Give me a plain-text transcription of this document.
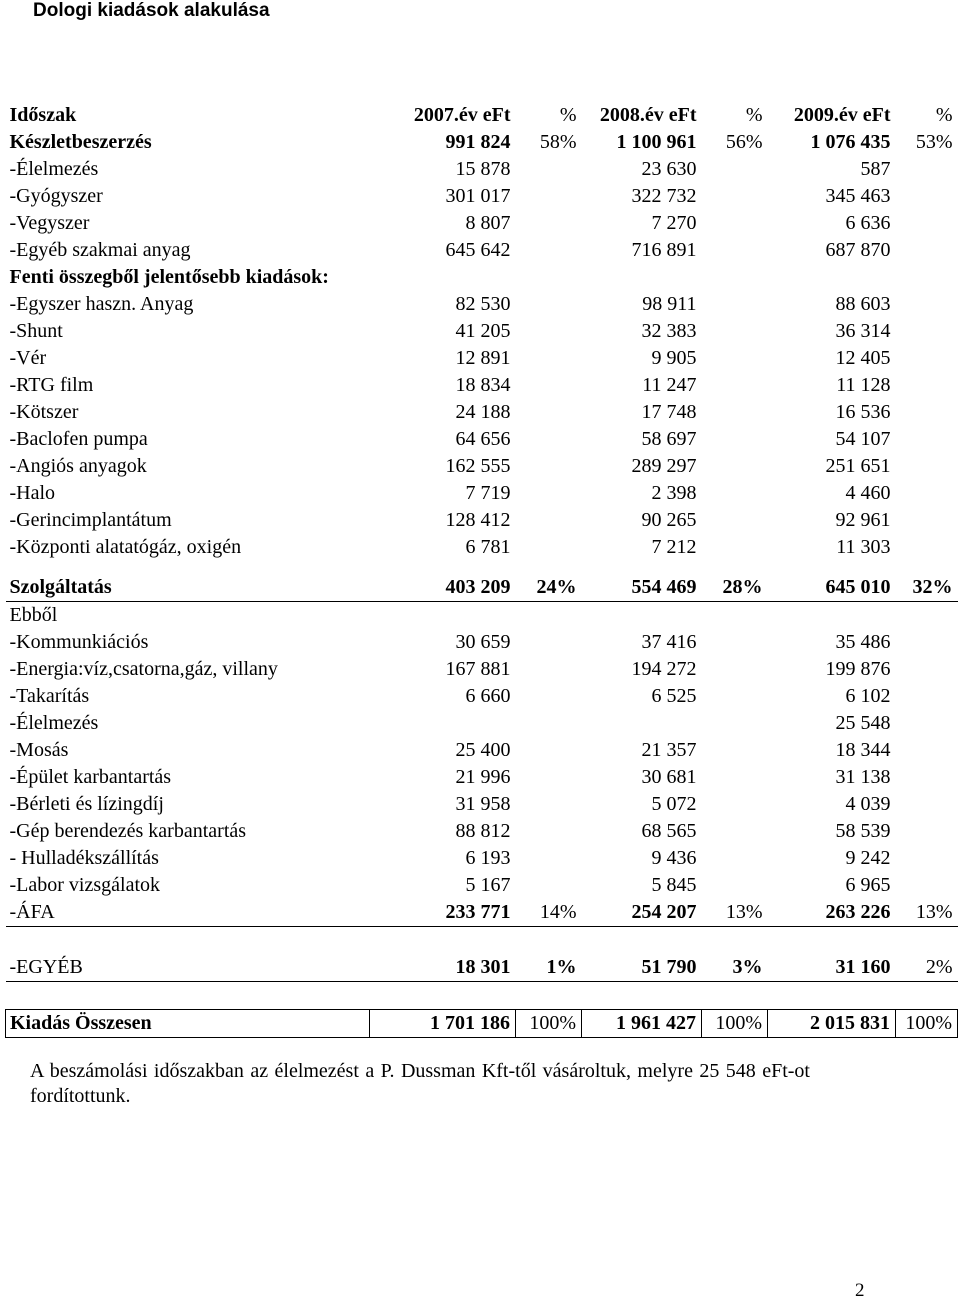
Dologi kiadások alakulása
Időszak	2007.év eFt	%	2008.év eFt	%	2009.év eFt	%
Készletbeszerzés	991 824	58%	1 100 961	56%	1 076 435	53%
-Élelmezés	15 878		23 630		587	
-Gyógyszer	301 017		322 732		345 463	
-Vegyszer	8 807		7 270		6 636	
-Egyéb szakmai anyag	645 642		716 891		687 870	
Fenti összegből jelentősebb kiadások:						
-Egyszer haszn. Anyag	82 530		98 911		88 603	
-Shunt	41 205		32 383		36 314	
-Vér	12 891		9 905		12 405	
-RTG film	18 834		11 247		11 128	
-Kötszer	24 188		17 748		16 536	
-Baclofen pumpa	64 656		58 697		54 107	
-Angiós anyagok	162 555		289 297		251 651	
-Halo	7 719		2 398		4 460	
-Gerincimplantátum	128 412		90 265		92 961	
-Központi alatatógáz, oxigén	6 781		7 212		11 303	

Szolgáltatás	403 209	24%	554 469	28%	645 010	32%
Ebből						
-Kommunkiációs	30 659		37 416		35 486	
-Energia:víz,csatorna,gáz, villany	167 881		194 272		199 876	
-Takarítás	6 660		6 525		6 102	
-Élelmezés					25 548	
-Mosás	25 400		21 357		18 344	
-Épület karbantartás	21 996		30 681		31 138	
-Bérleti és lízingdíj	31 958		5 072		4 039	
-Gép berendezés karbantartás	88 812		68 565		58 539	
- Hulladékszállítás	6 193		9 436		9 242	
-Labor vizsgálatok	5 167		5 845		6 965	
-ÁFA	233 771	14%	254 207	13%	263 226	13%

-EGYÉB	18 301	1%	51 790	3%	31 160	2%

Kiadás Összesen	1 701 186	100%	1 961 427	100%	2 015 831	100%
A beszámolási időszakban az élelmezést a P. Dussman Kft-től vásároltuk, melyre 25 548 eFt-ot fordítottunk.
2
